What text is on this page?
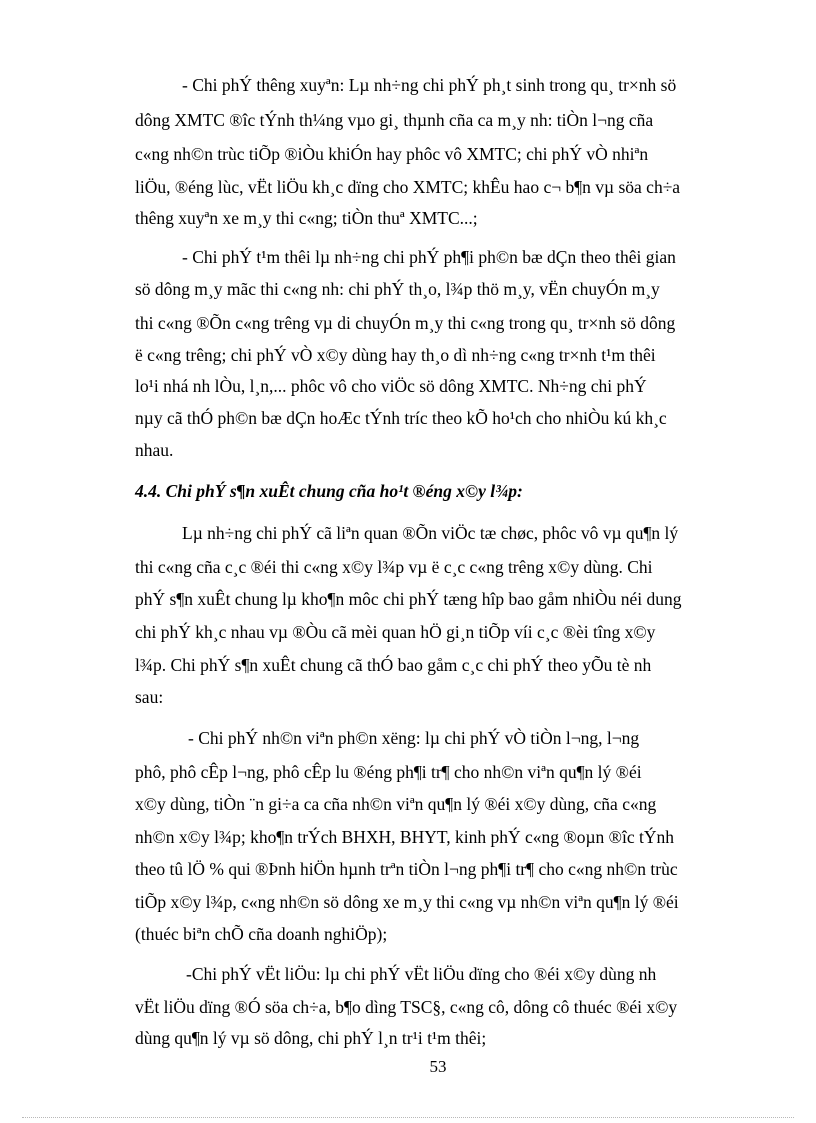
- Chi phÝ thêng xuyªn: Lµ nh÷ng chi phÝ ph¸t sinh trong qu¸ tr×nh sö

dông XMTC ®îc tÝnh th¼ng vµo gi¸ thµnh cña ca m¸y nh: tiÒn l¬ng cña

c«ng nh©n trùc tiÕp ®iÒu khiÓn hay phôc vô XMTC; chi phÝ vÒ nhiªn

liÖu, ®éng lùc, vËt liÖu kh¸c dïng cho XMTC; khÊu hao c¬ b¶n vµ söa ch÷a

thêng xuyªn xe m¸y thi c«ng; tiÒn thuª XMTC...;

- Chi phÝ t¹m thêi lµ nh÷ng chi phÝ ph¶i ph©n bæ dÇn theo thêi gian

sö dông m¸y mãc thi c«ng nh: chi phÝ th¸o, l¾p thö m¸y, vËn chuyÓn m¸y

thi c«ng ®Õn c«ng trêng vµ di chuyÓn m¸y thi c«ng trong qu¸ tr×nh sö dông

ë c«ng trêng; chi phÝ vÒ x©y dùng hay th¸o dì nh÷ng c«ng tr×nh t¹m thêi

lo¹i nhá nh lÒu, l¸n,... phôc vô cho viÖc sö dông XMTC. Nh÷ng chi phÝ

nµy cã thÓ ph©n bæ dÇn hoÆc tÝnh tríc theo kÕ ho¹ch cho nhiÒu kú kh¸c

nhau.

4.4. Chi phÝ s¶n xuÊt chung cña ho¹t ®éng x©y l¾p:

Lµ nh÷ng chi phÝ cã liªn quan ®Õn viÖc tæ chøc, phôc vô vµ qu¶n lý

thi c«ng cña c¸c ®éi thi c«ng x©y l¾p vµ ë c¸c c«ng trêng x©y dùng. Chi

phÝ s¶n xuÊt chung lµ kho¶n môc chi phÝ tæng hîp bao gåm nhiÒu néi dung

chi phÝ kh¸c nhau vµ ®Òu cã mèi quan hÖ gi¸n tiÕp víi c¸c ®èi tîng x©y

l¾p. Chi phÝ s¶n xuÊt chung cã thÓ bao gåm c¸c chi phÝ theo yÕu tè nh

sau:

- Chi phÝ nh©n viªn ph©n xëng: lµ chi phÝ vÒ tiÒn l¬ng, l¬ng

phô, phô cÊp l¬ng, phô cÊp lu ®éng ph¶i tr¶ cho nh©n viªn qu¶n lý ®éi

x©y dùng, tiÒn ¨n gi÷a ca cña nh©n viªn qu¶n lý ®éi x©y dùng, cña c«ng

nh©n x©y l¾p; kho¶n trÝch BHXH, BHYT, kinh phÝ c«ng ®oµn ®îc tÝnh

theo tû lÖ % qui ®Þnh hiÖn hµnh trªn tiÒn l¬ng ph¶i tr¶ cho c«ng nh©n trùc

tiÕp x©y l¾p, c«ng nh©n sö dông xe m¸y thi c«ng vµ nh©n viªn qu¶n lý ®éi

(thuéc biªn chÕ cña doanh nghiÖp);

-Chi phÝ vËt liÖu: lµ chi phÝ vËt liÖu dïng cho ®éi x©y dùng nh

vËt liÖu dïng ®Ó söa ch÷a, b¶o dìng TSC§, c«ng cô, dông cô thuéc ®éi x©y

dùng qu¶n lý vµ sö dông, chi phÝ l¸n tr¹i t¹m thêi;

53
